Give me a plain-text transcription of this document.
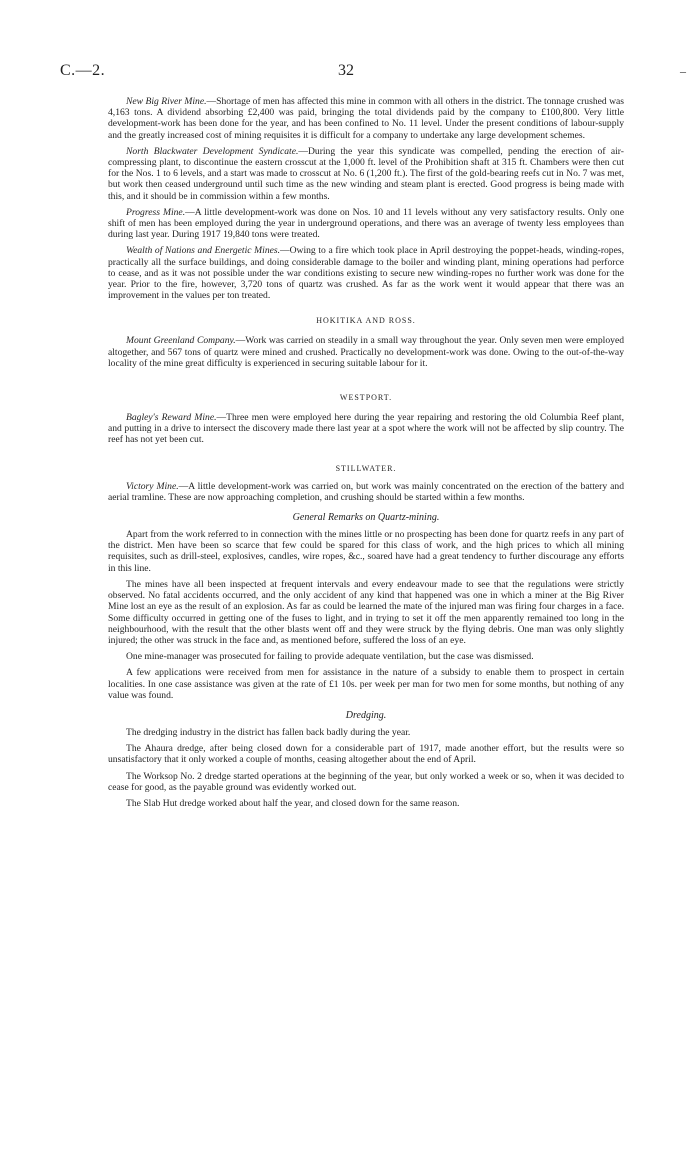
C.—2.	32	–

New Big River Mine.—Shortage of men has affected this mine in common with all others in the district. The tonnage crushed was 4,163 tons. A dividend absorbing £2,400 was paid, bringing the total dividends paid by the company to £100,800. Very little development-work has been done for the year, and has been confined to No. 11 level. Under the present conditions of labour-supply and the greatly increased cost of mining requisites it is difficult for a company to undertake any large development schemes.

North Blackwater Development Syndicate.—During the year this syndicate was compelled, pending the erection of air-compressing plant, to discontinue the eastern crosscut at the 1,000 ft. level of the Prohibition shaft at 315 ft. Chambers were then cut for the Nos. 1 to 6 levels, and a start was made to crosscut at No. 6 (1,200 ft.). The first of the gold-bearing reefs cut in No. 7 was met, but work then ceased underground until such time as the new winding and steam plant is erected. Good progress is being made with this, and it should be in commission within a few months.

Progress Mine.—A little development-work was done on Nos. 10 and 11 levels without any very satisfactory results. Only one shift of men has been employed during the year in underground operations, and there was an average of twenty less employees than during last year. During 1917 19,840 tons were treated.

Wealth of Nations and Energetic Mines.—Owing to a fire which took place in April destroying the poppet-heads, winding-ropes, practically all the surface buildings, and doing considerable damage to the boiler and winding plant, mining operations had perforce to cease, and as it was not possible under the war conditions existing to secure new winding-ropes no further work was done for the year. Prior to the fire, however, 3,720 tons of quartz was crushed. As far as the work went it would appear that there was an improvement in the values per ton treated.

HOKITIKA AND ROSS.

Mount Greenland Company.—Work was carried on steadily in a small way throughout the year. Only seven men were employed altogether, and 567 tons of quartz were mined and crushed. Practically no development-work was done. Owing to the out-of-the-way locality of the mine great difficulty is experienced in securing suitable labour for it.

WESTPORT.

Bagley's Reward Mine.—Three men were employed here during the year repairing and restoring the old Columbia Reef plant, and putting in a drive to intersect the discovery made there last year at a spot where the work will not be affected by slip country. The reef has not yet been cut.

STILLWATER.

Victory Mine.—A little development-work was carried on, but work was mainly concentrated on the erection of the battery and aerial tramline. These are now approaching completion, and crushing should be started within a few months.

General Remarks on Quartz-mining.

Apart from the work referred to in connection with the mines little or no prospecting has been done for quartz reefs in any part of the district. Men have been so scarce that few could be spared for this class of work, and the high prices to which all mining requisites, such as drill-steel, explosives, candles, wire ropes, &c., soared have had a great tendency to further discourage any efforts in this line.

The mines have all been inspected at frequent intervals and every endeavour made to see that the regulations were strictly observed. No fatal accidents occurred, and the only accident of any kind that happened was one in which a miner at the Big River Mine lost an eye as the result of an explosion. As far as could be learned the mate of the injured man was firing four charges in a face. Some difficulty occurred in getting one of the fuses to light, and in trying to set it off the men apparently remained too long in the neighbourhood, with the result that the other blasts went off and they were struck by the flying debris. One man was only slightly injured; the other was struck in the face and, as mentioned before, suffered the loss of an eye.

One mine-manager was prosecuted for failing to provide adequate ventilation, but the case was dismissed.

A few applications were received from men for assistance in the nature of a subsidy to enable them to prospect in certain localities. In one case assistance was given at the rate of £1 10s. per week per man for two men for some months, but nothing of any value was found.

Dredging.

The dredging industry in the district has fallen back badly during the year.

The Ahaura dredge, after being closed down for a considerable part of 1917, made another effort, but the results were so unsatisfactory that it only worked a couple of months, ceasing altogether about the end of April.

The Worksop No. 2 dredge started operations at the beginning of the year, but only worked a week or so, when it was decided to cease for good, as the payable ground was evidently worked out.

The Slab Hut dredge worked about half the year, and closed down for the same reason.
